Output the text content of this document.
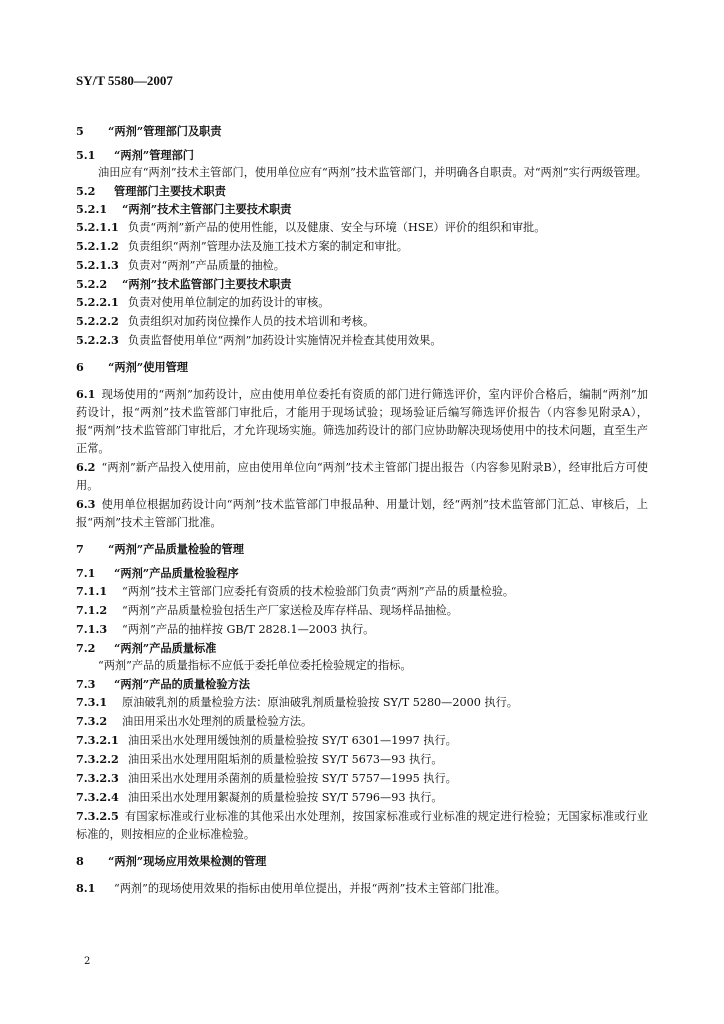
SY/T 5580—2007
5 “两剂”管理部门及职责
5.1 “两剂”管理部门
油田应有“两剂”技术主管部门，使用单位应有“两剂”技术监管部门，并明确各自职责。对“两剂”实行两级管理。
5.2 管理部门主要技术职责
5.2.1 “两剂”技术主管部门主要技术职责
5.2.1.1 负责“两剂”新产品的使用性能，以及健康、安全与环境（HSE）评价的组织和审批。
5.2.1.2 负责组织“两剂”管理办法及施工技术方案的制定和审批。
5.2.1.3 负责对“两剂”产品质量的抽检。
5.2.2 “两剂”技术监管部门主要技术职责
5.2.2.1 负责对使用单位制定的加药设计的审核。
5.2.2.2 负责组织对加药岗位操作人员的技术培训和考核。
5.2.2.3 负责监督使用单位“两剂”加药设计实施情况并检查其使用效果。
6 “两剂”使用管理
6.1 现场使用的“两剂”加药设计，应由使用单位委托有资质的部门进行筛选评价，室内评价合格后，编制“两剂”加药设计，报“两剂”技术监管部门审批后，才能用于现场试验；现场验证后编写筛选评价报告（内容参见附录A），报“两剂”技术监管部门审批后，才允许现场实施。筛选加药设计的部门应协助解决现场使用中的技术问题，直至生产正常。
6.2 “两剂”新产品投入使用前，应由使用单位向“两剂”技术主管部门提出报告（内容参见附录B），经审批后方可使用。
6.3 使用单位根据加药设计向“两剂”技术监管部门申报品种、用量计划，经“两剂”技术监管部门汇总、审核后，上报“两剂”技术主管部门批准。
7 “两剂”产品质量检验的管理
7.1 “两剂”产品质量检验程序
7.1.1 “两剂”技术主管部门应委托有资质的技术检验部门负责“两剂”产品的质量检验。
7.1.2 “两剂”产品质量检验包括生产厂家送检及库存样品、现场样品抽检。
7.1.3 “两剂”产品的抽样按 GB/T 2828.1—2003 执行。
7.2 “两剂”产品质量标准
“两剂”产品的质量指标不应低于委托单位委托检验规定的指标。
7.3 “两剂”产品的质量检验方法
7.3.1 原油破乳剂的质量检验方法：原油破乳剂质量检验按 SY/T 5280—2000 执行。
7.3.2 油田用采出水处理剂的质量检验方法。
7.3.2.1 油田采出水处理用缓蚀剂的质量检验按 SY/T 6301—1997 执行。
7.3.2.2 油田采出水处理用阻垢剂的质量检验按 SY/T 5673—93 执行。
7.3.2.3 油田采出水处理用杀菌剂的质量检验按 SY/T 5757—1995 执行。
7.3.2.4 油田采出水处理用絮凝剂的质量检验按 SY/T 5796—93 执行。
7.3.2.5 有国家标准或行业标准的其他采出水处理剂，按国家标准或行业标准的规定进行检验；无国家标准或行业标准的，则按相应的企业标准检验。
8 “两剂”现场应用效果检测的管理
8.1 “两剂”的现场使用效果的指标由使用单位提出，并报“两剂”技术主管部门批准。
2
